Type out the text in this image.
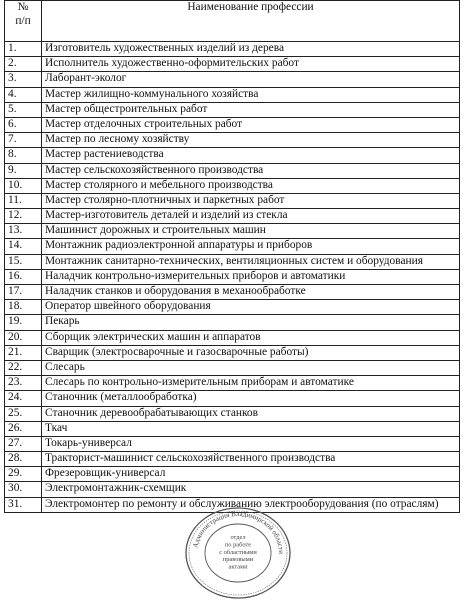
№
п/п	Наименование профессии
1.	Изготовитель художественных изделий из дерева
2.	Исполнитель художественно-оформительских работ
3.	Лаборант-эколог
4.	Мастер жилищно-коммунального хозяйства
5.	Мастер общестроительных работ
6.	Мастер отделочных строительных работ
7.	Мастер по лесному хозяйству
8.	Мастер растениеводства
9.	Мастер сельскохозяйственного производства
10.	Мастер столярного и мебельного производства
11.	Мастер столярно-плотничных и паркетных работ
12.	Мастер-изготовитель деталей и изделий из стекла
13.	Машинист дорожных и строительных машин
14.	Монтажник радиоэлектронной аппаратуры и приборов
15.	Монтажник санитарно-технических, вентиляционных систем и оборудования
16.	Наладчик контрольно-измерительных приборов и автоматики
17.	Наладчик станков и оборудования в механообработке
18.	Оператор швейного оборудования
19.	Пекарь
20.	Сборщик электрических машин и аппаратов
21.	Сварщик (электросварочные и газосварочные работы)
22.	Слесарь
23.	Слесарь по контрольно-измерительным приборам и автоматике
24.	Станочник (металлообработка)
25.	Станочник деревообрабатывающих станков
26.	Ткач
27.	Токарь-универсал
28.	Тракторист-машинист сельскохозяйственного производства
29.	Фрезеровщик-универсал
30.	Электромонтажник-схемщик
31.	Электромонтер по ремонту и обслуживанию электрооборудования (по отраслям)
Администрация Владимирской области
отдел
по работе
с областными
правовыми
актами
